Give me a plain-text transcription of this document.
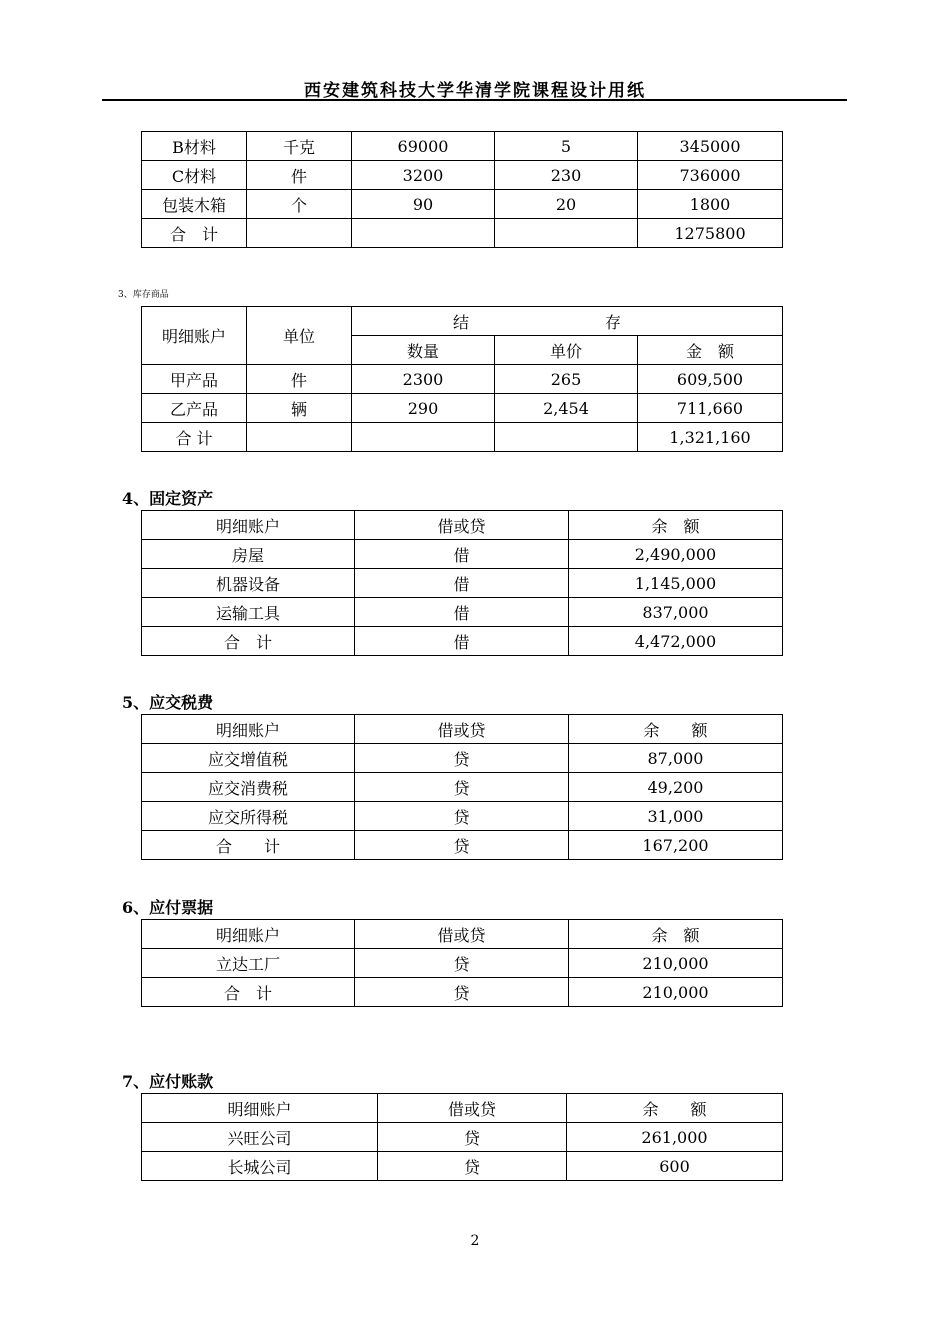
西安建筑科技大学华清学院课程设计用纸
B材料	千克	69000	5	345000
C材料	件	3200	230	736000
包装木箱	个	90	20	1800
合　计				1275800
3、库存商品
明细账户	单位	结　存		
		数量	单价	金　额
甲产品	件	2300	265	609,500
乙产品	辆	290	2,454	711,660
合 计				1,321,160
4、固定资产
明细账户	借或贷	余　额
房屋	借	2,490,000
机器设备	借	1,145,000
运输工具	借	837,000
合　计	借	4,472,000
5、应交税费
明细账户	借或贷	余　　额
应交增值税	贷	87,000
应交消费税	贷	49,200
应交所得税	贷	31,000
合　　计	贷	167,200
6、应付票据
明细账户	借或贷	余　额
立达工厂	贷	210,000
合　计	贷	210,000
7、应付账款
明细账户	借或贷	余　　额
兴旺公司	贷	261,000
长城公司	贷	600
2
